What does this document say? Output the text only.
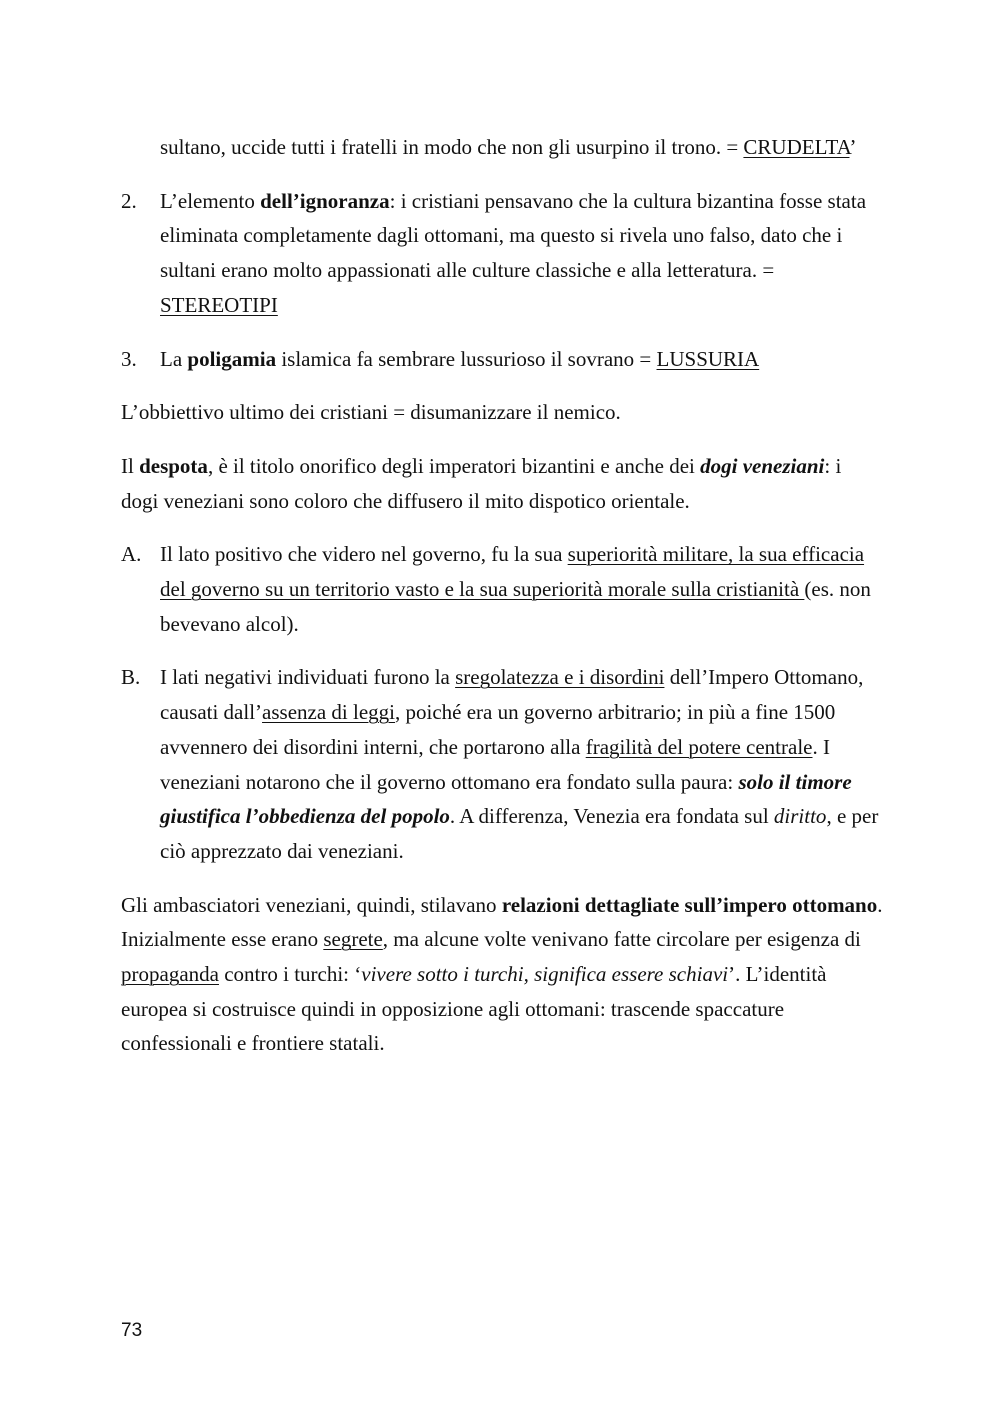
sultano, uccide tutti i fratelli in modo che non gli usurpino il trono. = CRUDELTA’
2.	L’elemento dell’ignoranza: i cristiani pensavano che la cultura bizantina fosse stata eliminata completamente dagli ottomani, ma questo si rivela uno falso, dato che i sultani erano molto appassionati alle culture classiche e alla letteratura. = STEREOTIPI
3.	La poligamia islamica fa sembrare lussurioso il sovrano = LUSSURIA

L’obbiettivo ultimo dei cristiani = disumanizzare il nemico.

Il despota, è il titolo onorifico degli imperatori bizantini e anche dei dogi veneziani: i dogi veneziani sono coloro che diffusero il mito dispotico orientale.

A. Il lato positivo che videro nel governo, fu la sua superiorità militare, la sua efficacia del governo su un territorio vasto e la sua superiorità morale sulla cristianità (es. non bevevano alcol).
B. I lati negativi individuati furono la sregolatezza e i disordini dell’Impero Ottomano, causati dall’assenza di leggi, poiché era un governo arbitrario; in più a fine 1500 avvennero dei disordini interni, che portarono alla fragilità del potere centrale. I veneziani notarono che il governo ottomano era fondato sulla paura: solo il timore giustifica l’obbedienza del popolo. A differenza, Venezia era fondata sul diritto, e per ciò apprezzato dai veneziani.

Gli ambasciatori veneziani, quindi, stilavano relazioni dettagliate sull’impero ottomano. Inizialmente esse erano segrete, ma alcune volte venivano fatte circolare per esigenza di propaganda contro i turchi: ‘vivere sotto i turchi, significa essere schiavi’. L’identità europea si costruisce quindi in opposizione agli ottomani: trascende spaccature confessionali e frontiere statali.

73
